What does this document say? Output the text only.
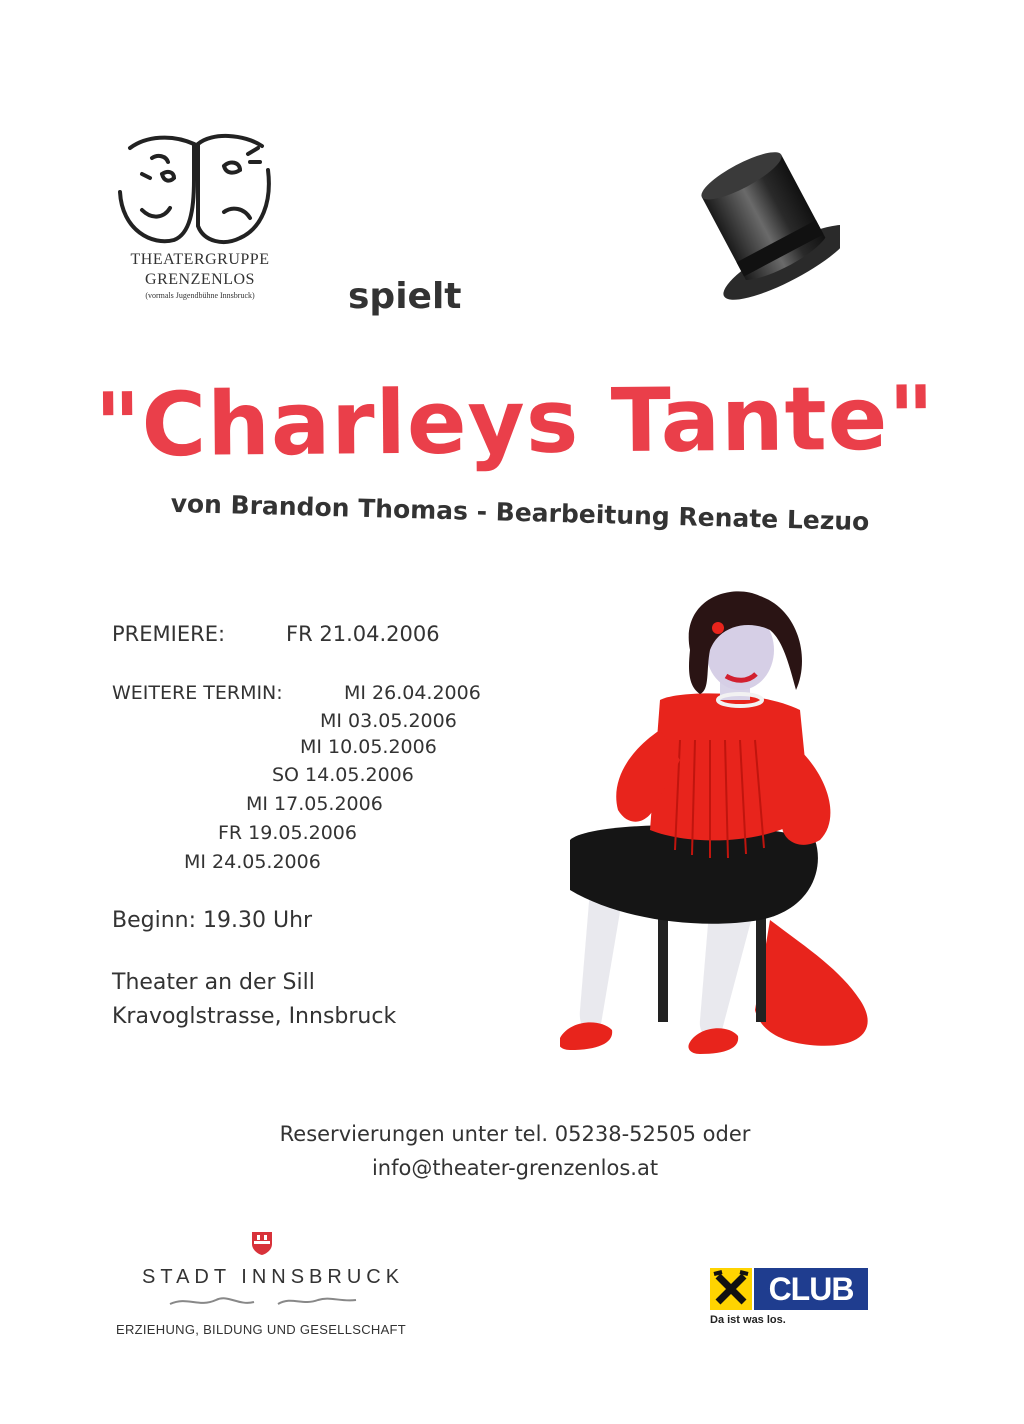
THEATERGRUPPE
GRENZENLOS
(vormals Jugendbühne Innsbruck)	spielt
"Charleys Tante"
von Brandon Thomas - Bearbeitung Renate Lezuo
PREMIERE:	FR 21.04.2006
WEITERE TERMIN:	MI 26.04.2006
MI 03.05.2006
MI 10.05.2006
SO 14.05.2006
MI 17.05.2006
FR 19.05.2006
MI 24.05.2006
Beginn: 19.30 Uhr
Theater an der Sill
Kravoglstrasse, Innsbruck
Reservierungen unter tel. 05238-52505 oder
info@theater-grenzenlos.at
STADT INNSBRUCK
ERZIEHUNG, BILDUNG UND GESELLSCHAFT
CLUB
Da ist was los.
